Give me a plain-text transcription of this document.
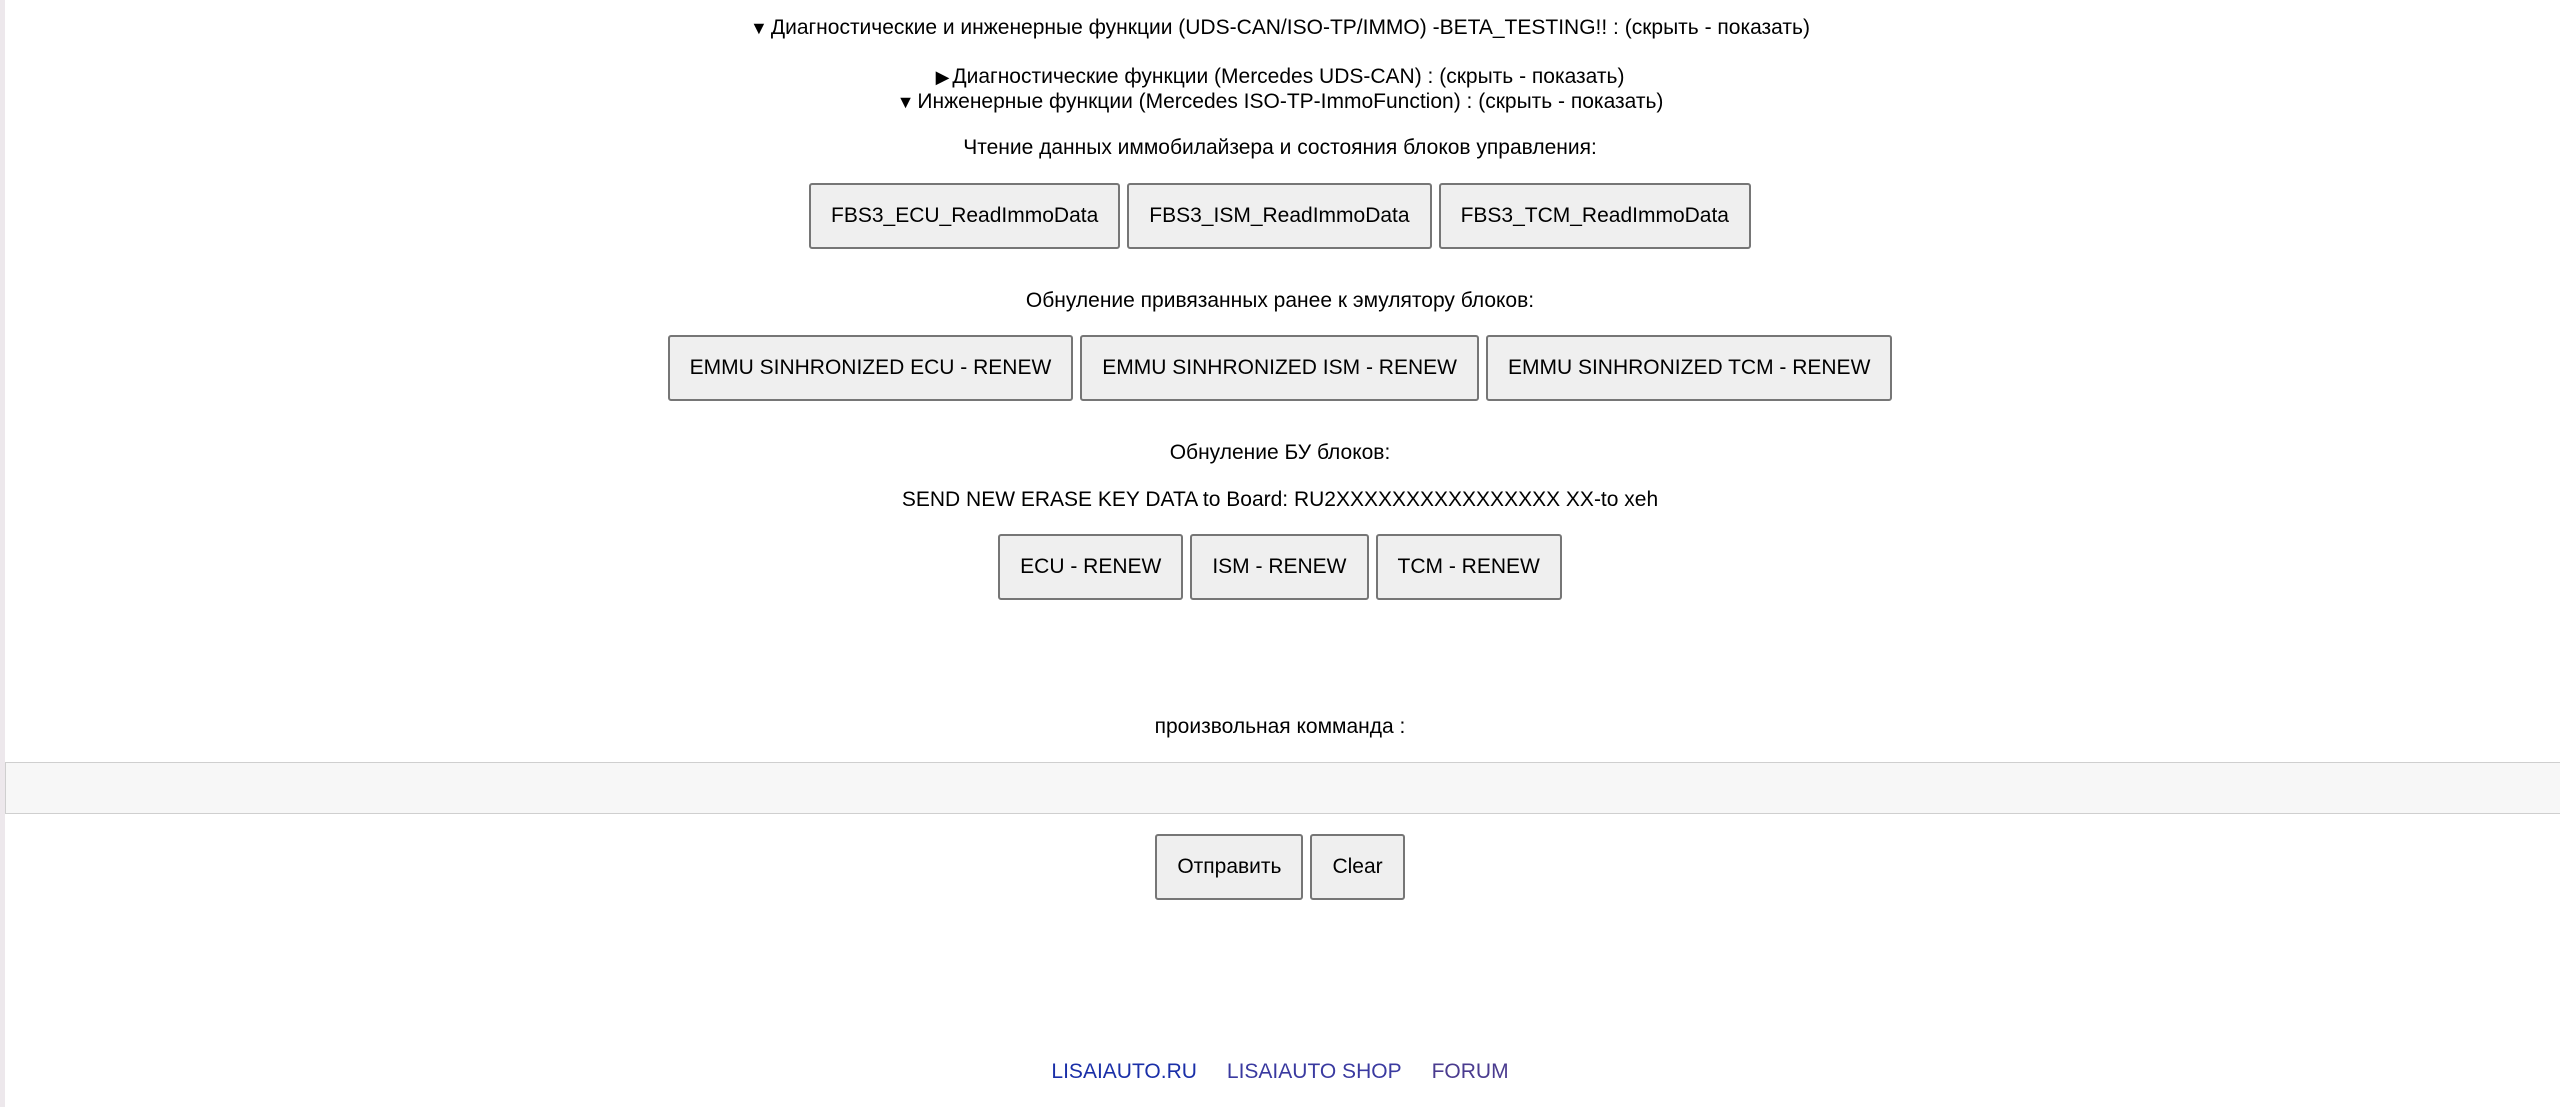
▼ Диагностические и инженерные функции (UDS-CAN/ISO-TP/IMMO) -BETA_TESTING!! : (скрыть - показать)
▶ Диагностические функции (Mercedes UDS-CAN) : (скрыть - показать)
▼ Инженерные функции (Mercedes ISO-TP-ImmoFunction) : (скрыть - показать)
Чтение данных иммобилайзера и состояния блоков управления:
FBS3_ECU_ReadImmoData	FBS3_ISM_ReadImmoData	FBS3_TCM_ReadImmoData
Обнуление привязанных ранее к эмулятору блоков:
EMMU SINHRONIZED ECU - RENEW	EMMU SINHRONIZED ISM - RENEW	EMMU SINHRONIZED TCM - RENEW
Обнуление БУ блоков:
SEND NEW ERASE KEY DATA to Board: RU2XXXXXXXXXXXXXXXX XX-to xeh
ECU - RENEW	ISM - RENEW	TCM - RENEW
произвольная комманда :
Отправить	Clear
LISAIAUTO.RU LISAIAUTO SHOP FORUM
